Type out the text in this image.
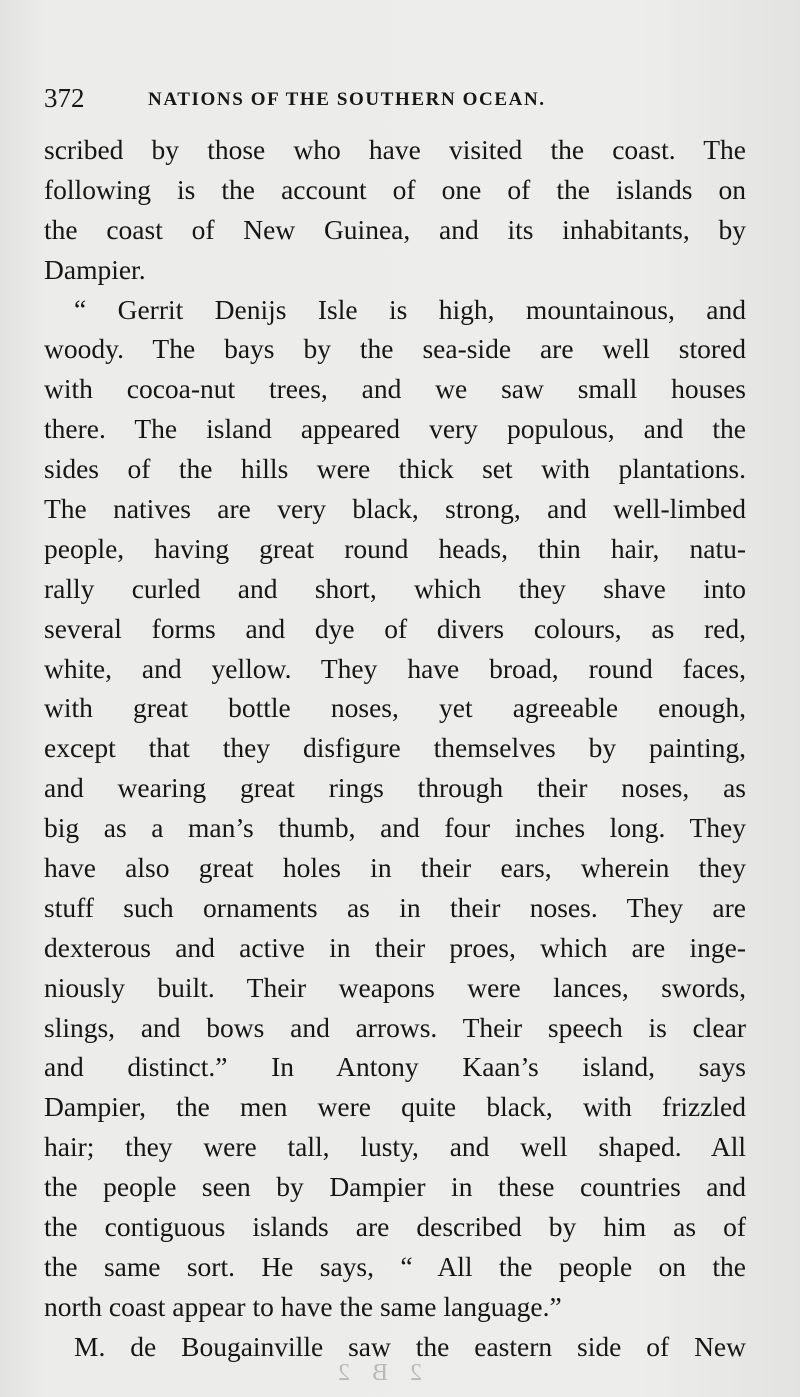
372	NATIONS OF THE SOUTHERN OCEAN.
scribed by those who have visited the coast. The
following is the account of one of the islands on
the coast of New Guinea, and its inhabitants, by
Dampier.
“ Gerrit Denijs Isle is high, mountainous, and
woody. The bays by the sea-side are well stored
with cocoa-nut trees, and we saw small houses
there. The island appeared very populous, and the
sides of the hills were thick set with plantations.
The natives are very black, strong, and well-limbed
people, having great round heads, thin hair, natu-
rally curled and short, which they shave into
several forms and dye of divers colours, as red,
white, and yellow. They have broad, round faces,
with great bottle noses, yet agreeable enough,
except that they disfigure themselves by painting,
and wearing great rings through their noses, as
big as a man’s thumb, and four inches long. They
have also great holes in their ears, wherein they
stuff such ornaments as in their noses. They are
dexterous and active in their proes, which are inge-
niously built. Their weapons were lances, swords,
slings, and bows and arrows. Their speech is clear
and distinct.” In Antony Kaan’s island, says
Dampier, the men were quite black, with frizzled
hair; they were tall, lusty, and well shaped. All
the people seen by Dampier in these countries and
the contiguous islands are described by him as of
the same sort. He says, “ All the people on the
north coast appear to have the same language.”
M. de Bougainville saw the eastern side of New
2 B 2
